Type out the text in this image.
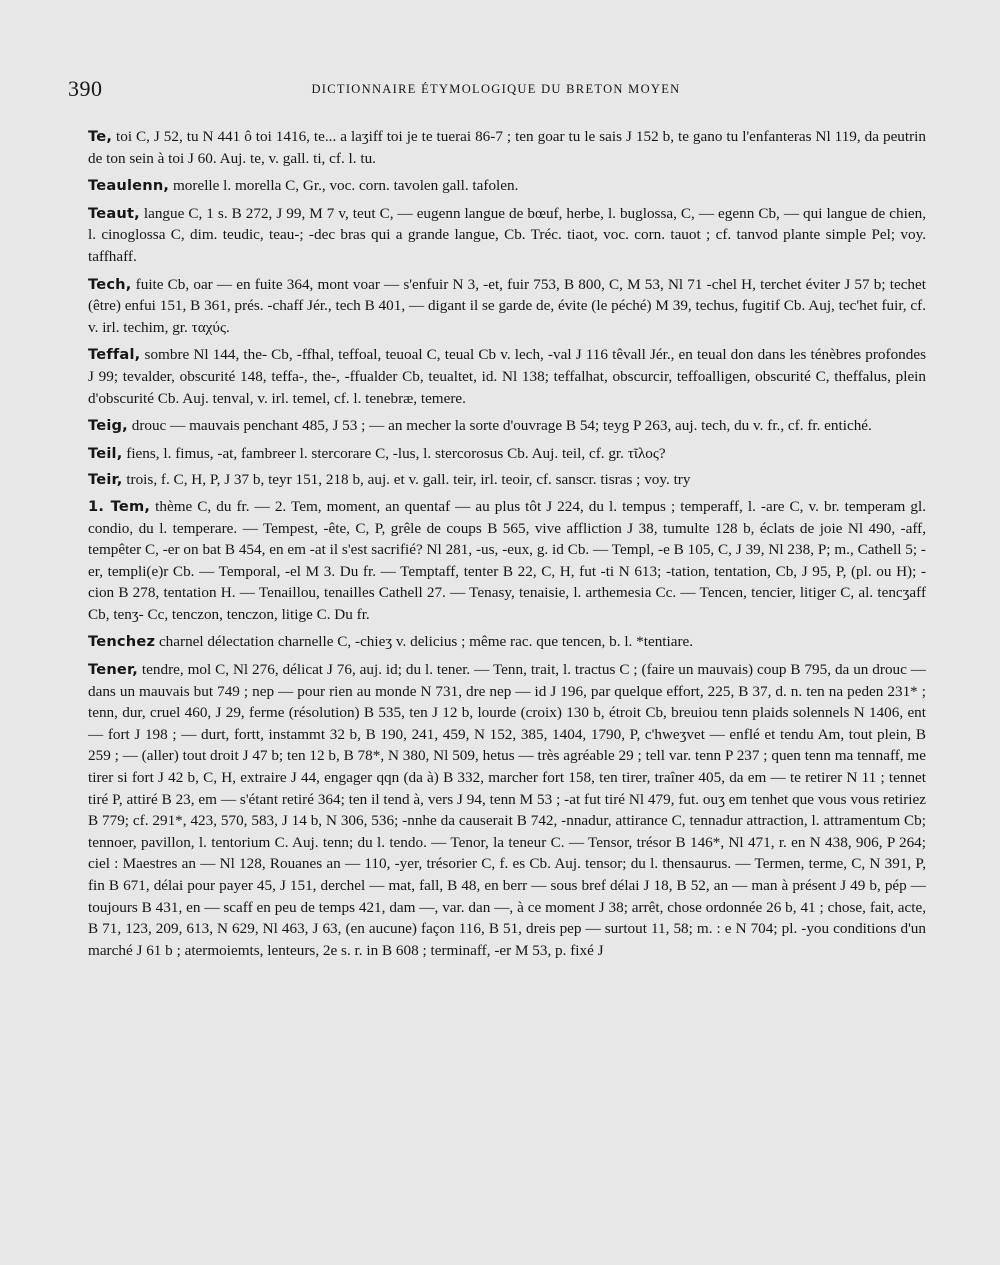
390	DICTIONNAIRE ÉTYMOLOGIQUE DU BRETON MOYEN

Te, toi C, J 52, tu N 441 ô toi 1416, te... a laʒiff toi je te tuerai 86-7 ; ten goar tu le sais J 152 b, te gano tu l'enfanteras Nl 119, da peutrin de ton sein à toi J 60. Auj. te, v. gall. ti, cf. l. tu.

Teaulenn, morelle l. morella C, Gr., voc. corn. tavolen gall. tafolen.

Teaut, langue C, 1 s. B 272, J 99, M 7 v, teut C, — eugenn langue de bœuf, herbe, l. buglossa, C, — egenn Cb, — qui langue de chien, l. cinoglossa C, dim. teudic, teau-; -dec bras qui a grande langue, Cb. Tréc. tiaot, voc. corn. tauot ; cf. tanvod plante simple Pel; voy. taffhaff.

Tech, fuite Cb, oar — en fuite 364, mont voar — s'enfuir N 3, -et, fuir 753, B 800, C, M 53, Nl 71 -chel H, terchet éviter J 57 b; techet (être) enfui 151, B 361, prés. -chaff Jér., tech B 401, — digant il se garde de, évite (le péché) M 39, techus, fugitif Cb. Auj, tec'het fuir, cf. v. irl. techim, gr. ταχύς.

Teffal, sombre Nl 144, the- Cb, -ffhal, teffoal, teuoal C, teual Cb v. lech, -val J 116 têvall Jér., en teual don dans les ténèbres profondes J 99; tevalder, obscurité 148, teffa-, the-, -ffualder Cb, teualtet, id. Nl 138; teffalhat, obscurcir, teffoalligen, obscurité C, theffalus, plein d'obscurité Cb. Auj. tenval, v. irl. temel, cf. l. tenebræ, temere.

Teig, drouc — mauvais penchant 485, J 53 ; — an mecher la sorte d'ouvrage B 54; teyg P 263, auj. tech, du v. fr., cf. fr. entiché.

Teil, fiens, l. fimus, -at, fambreer l. stercorare C, -lus, l. stercorosus Cb. Auj. teil, cf. gr. τῖλος?

Teir, trois, f. C, H, P, J 37 b, teyr 151, 218 b, auj. et v. gall. teir, irl. teoir, cf. sanscr. tisras ; voy. try

1. Tem, thème C, du fr. — 2. Tem, moment, an quentaf — au plus tôt J 224, du l. tempus ; temperaff, l. -are C, v. br. temperam gl. condio, du l. temperare. — Tempest, -ête, C, P, grêle de coups B 565, vive affliction J 38, tumulte 128 b, éclats de joie Nl 490, -aff, tempêter C, -er on bat B 454, en em -at il s'est sacrifié? Nl 281, -us, -eux, g. id Cb. — Templ, -e B 105, C, J 39, Nl 238, P; m., Cathell 5; -er, templi(e)r Cb. — Temporal, -el M 3. Du fr. — Temptaff, tenter B 22, C, H, fut -ti N 613; -tation, tentation, Cb, J 95, P, (pl. ou H); -cion B 278, tentation H. — Tenaillou, tenailles Cathell 27. — Tenasy, tenaisie, l. arthemesia Cc. — Tencen, tencier, litiger C, al. tencʒaff Cb, tenʒ- Cc, tenczon, tenczon, litige C. Du fr.

Tenchez charnel délectation charnelle C, -chieʒ v. delicius ; même rac. que tencen, b. l. *tentiare.

Tener, tendre, mol C, Nl 276, délicat J 76, auj. id; du l. tener. — Tenn, trait, l. tractus C ; (faire un mauvais) coup B 795, da un drouc — dans un mauvais but 749 ; nep — pour rien au monde N 731, dre nep — id J 196, par quelque effort, 225, B 37, d. n. ten na peden 231* ; tenn, dur, cruel 460, J 29, ferme (résolution) B 535, ten J 12 b, lourde (croix) 130 b, étroit Cb, breuiou tenn plaids solennels N 1406, ent — fort J 198 ; — durt, fortt, instammt 32 b, B 190, 241, 459, N 152, 385, 1404, 1790, P, c'hweʒvet — enflé et tendu Am, tout plein, B 259 ; — (aller) tout droit J 47 b; ten 12 b, B 78*, N 380, Nl 509, hetus — très agréable 29 ; tell var. tenn P 237 ; quen tenn ma tennaff, me tirer si fort J 42 b, C, H, extraire J 44, engager qqn (da à) B 332, marcher fort 158, ten tirer, traîner 405, da em — te retirer N 11 ; tennet tiré P, attiré B 23, em — s'étant retiré 364; ten il tend à, vers J 94, tenn M 53 ; -at fut tiré Nl 479, fut. ouʒ em tenhet que vous vous retiriez B 779; cf. 291*, 423, 570, 583, J 14 b, N 306, 536; -nnhe da causerait B 742, -nnadur, attirance C, tennadur attraction, l. attramentum Cb; tennoer, pavillon, l. tentorium C. Auj. tenn; du l. tendo. — Tenor, la teneur C. — Tensor, trésor B 146*, Nl 471, r. en N 438, 906, P 264; ciel : Maestres an — Nl 128, Rouanes an — 110, -yer, trésorier C, f. es Cb. Auj. tensor; du l. thensaurus. — Termen, terme, C, N 391, P, fin B 671, délai pour payer 45, J 151, derchel — mat, fall, B 48, en berr — sous bref délai J 18, B 52, an — man à présent J 49 b, pép — toujours B 431, en — scaff en peu de temps 421, dam —, var. dan —, à ce moment J 38; arrêt, chose ordonnée 26 b, 41 ; chose, fait, acte, B 71, 123, 209, 613, N 629, Nl 463, J 63, (en aucune) façon 116, B 51, dreis pep — surtout 11, 58; m. : e N 704; pl. -you conditions d'un marché J 61 b ; atermoiemts, lenteurs, 2e s. r. in B 608 ; terminaff, -er M 53, p. fixé J
